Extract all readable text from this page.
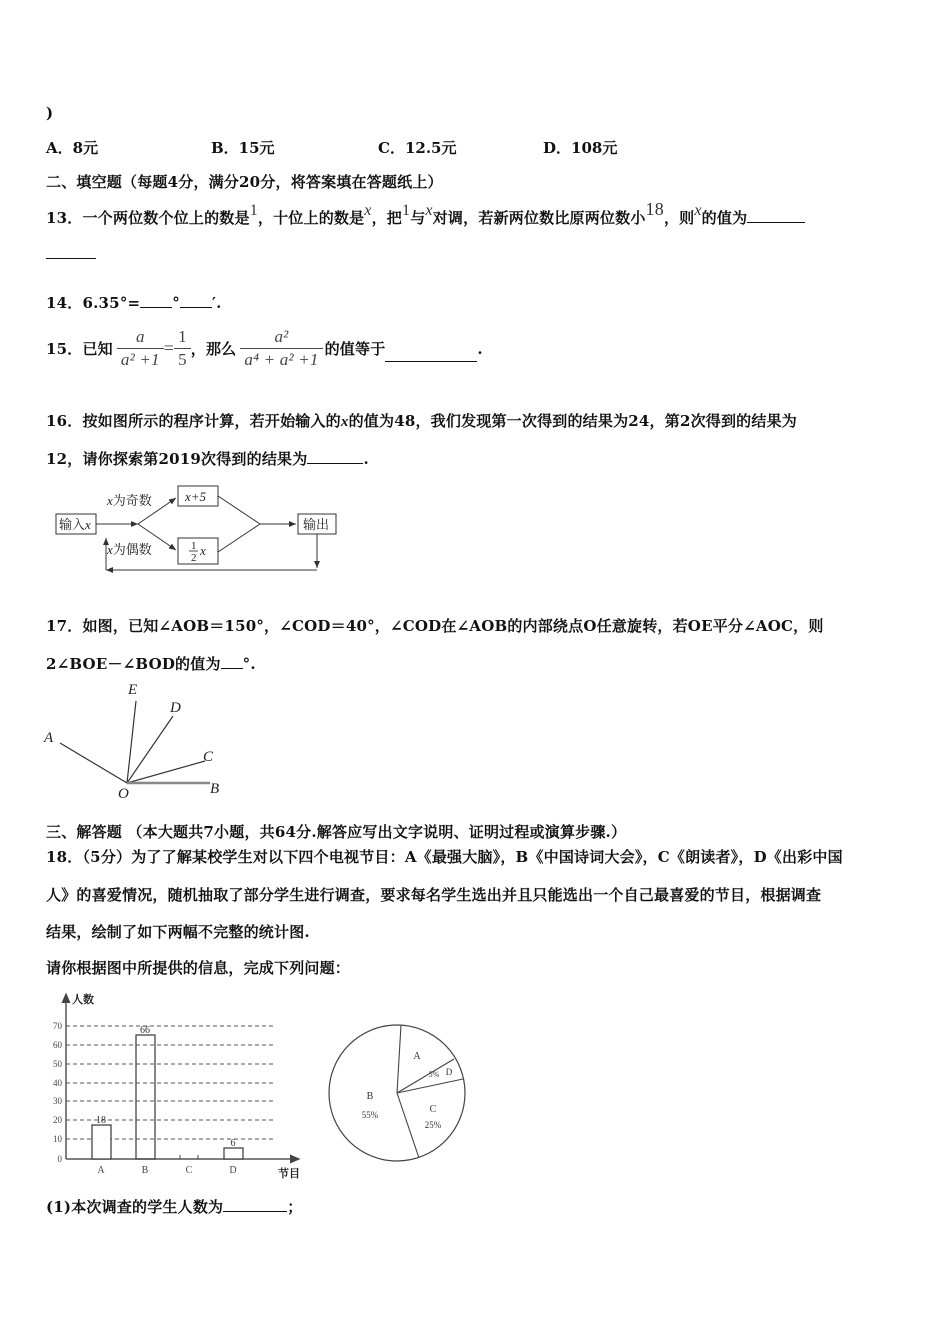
)
A．8元	B．15元	C．12.5元	D．108元
二、填空题（每题4分，满分20分，将答案填在答题纸上）
13．一个两位数个位上的数是1，十位上的数是x，把1与x对调，若新两位数比原两位数小18，则x的值为
14．6.35°= ° ′.
15． 已知 $\frac{a}{\text{a² +1}} = \frac{1}{5}$ ，那么 $\frac{\text{a²}}{\text{a⁴ + a² +1}}$ 的值等于	.
16．按如图所示的程序计算，若开始输入的x的值为48，我们发现第一次得到的结果为24，第2次得到的结果为
12，请你探索第2019次得到的结果为	.
输入x
x为奇数
x为偶数
x+5
1
2 x
输出
17．如图，已知∠AOB＝150°，∠COD＝40°，∠COD在∠AOB的内部绕点O任意旋转，若OE平分∠AOC，则
2∠BOE－∠BOD的值为 °.
A
E
D
C
B
O
三、解答题 （本大题共7小题，共64分.解答应写出文字说明、证明过程或演算步骤.）
18．（5分）为了了解某校学生对以下四个电视节目：A《最强大脑》，B《中国诗词大会》，C《朗读者》，D《出彩中国
人》的喜爱情况，随机抽取了部分学生进行调查，要求每名学生选出并且只能选出一个自己最喜爱的节目，根据调查
结果，绘制了如下两幅不完整的统计图.
请你根据图中所提供的信息，完成下列问题：
人数
节目
0
10
20
30
40
50
60
70
18
66
6
A	B	C	D
A
B
55%	C
25%
5% D
(1)本次调查的学生人数为	；
